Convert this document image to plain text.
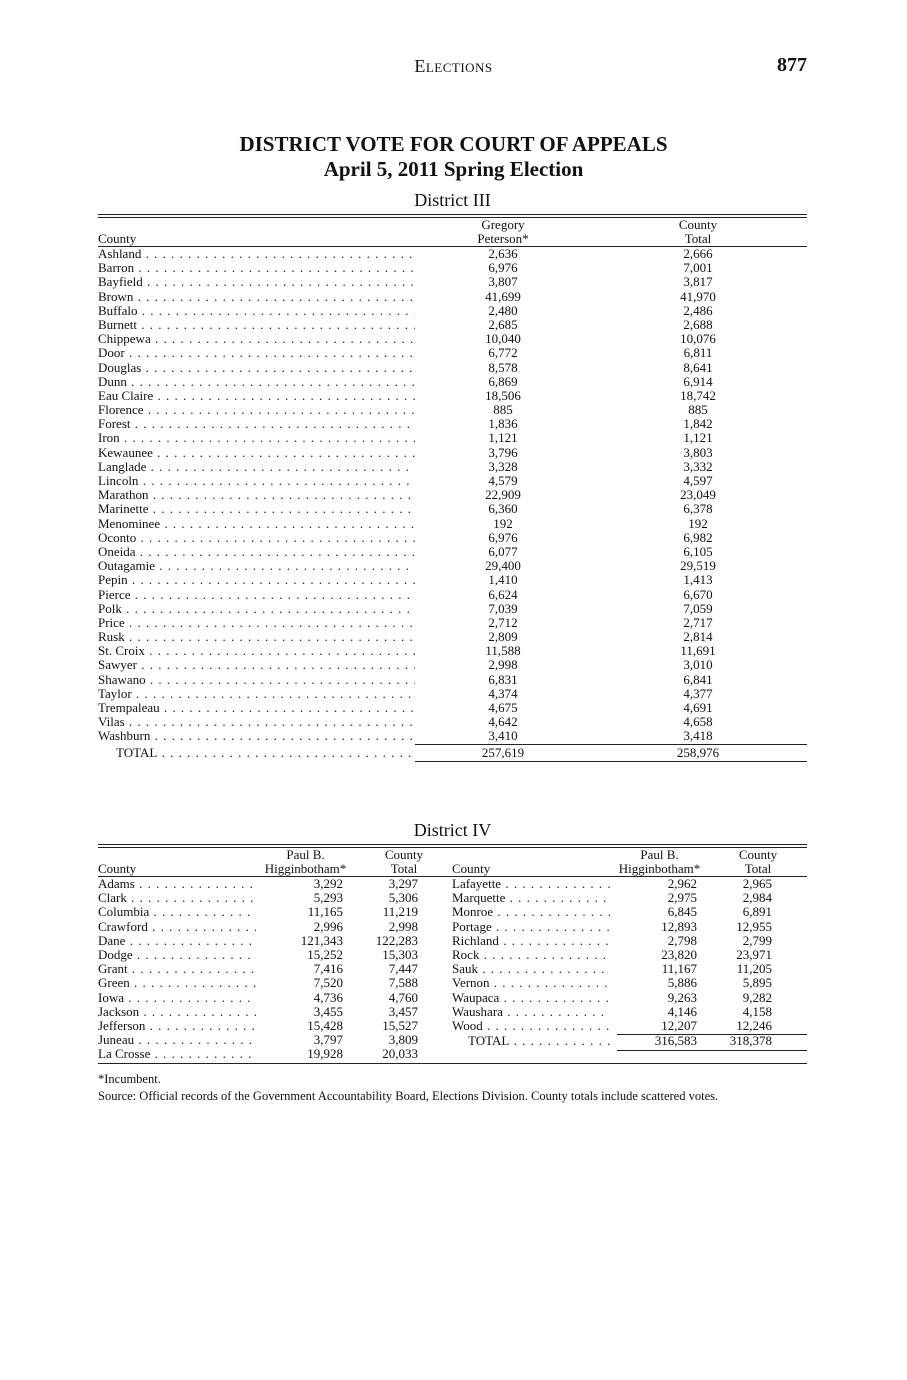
Elections	877
DISTRICT VOTE FOR COURT OF APPEALS
April 5, 2011 Spring Election
District III
County
Gregory
Peterson*
County
Total
Ashland . . .	2,636	2,666
Barron . . .	6,976	7,001
Bayfield . . .	3,807	3,817
Brown . . .	41,699	41,970
Buffalo . . .	2,480	2,486
Burnett . . .	2,685	2,688
Chippewa . . .	10,040	10,076
Door . . .	6,772	6,811
Douglas . . .	8,578	8,641
Dunn . . .	6,869	6,914
Eau Claire . . .	18,506	18,742
Florence . . .	885	885
Forest . . .	1,836	1,842
Iron . . .	1,121	1,121
Kewaunee . . .	3,796	3,803
Langlade . . .	3,328	3,332
Lincoln . . .	4,579	4,597
Marathon . . .	22,909	23,049
Marinette . . .	6,360	6,378
Menominee . . .	192	192
Oconto . . .	6,976	6,982
Oneida . . .	6,077	6,105
Outagamie . . .	29,400	29,519
Pepin . . .	1,410	1,413
Pierce . . .	6,624	6,670
Polk . . .	7,039	7,059
Price . . .	2,712	2,717
Rusk . . .	2,809	2,814
St. Croix . . .	11,588	11,691
Sawyer . . .	2,998	3,010
Shawano . . .	6,831	6,841
Taylor . . .	4,374	4,377
Trempaleau . . .	4,675	4,691
Vilas . . .	4,642	4,658
Washburn . . .	3,410	3,418
TOTAL . . .	257,619	258,976
District IV
County
Paul B.
Higginbotham*
County
Total	County
Paul B.
Higginbotham*
County
Total
Adams . . .	3,292	3,297
Clark . . .	5,293	5,306
Columbia . . .	11,165	11,219
Crawford . . .	2,996	2,998
Dane . . .	121,343	122,283
Dodge . . .	15,252	15,303
Grant . . .	7,416	7,447
Green . . .	7,520	7,588
Iowa . . .	4,736	4,760
Jackson . . .	3,455	3,457
Jefferson . . .	15,428	15,527
Juneau . . .	3,797	3,809
La Crosse . . .	19,928	20,033
Lafayette . . .	2,962	2,965
Marquette . . .	2,975	2,984
Monroe . . .	6,845	6,891
Portage . . .	12,893	12,955
Richland . . .	2,798	2,799
Rock . . .	23,820	23,971
Sauk . . .	11,167	11,205
Vernon . . .	5,886	5,895
Waupaca . . .	9,263	9,282
Waushara . . .	4,146	4,158
Wood . . .	12,207	12,246
TOTAL . . .	316,583	318,378
*Incumbent.
Source: Official records of the Government Accountability Board, Elections Division. County totals include scattered votes.
